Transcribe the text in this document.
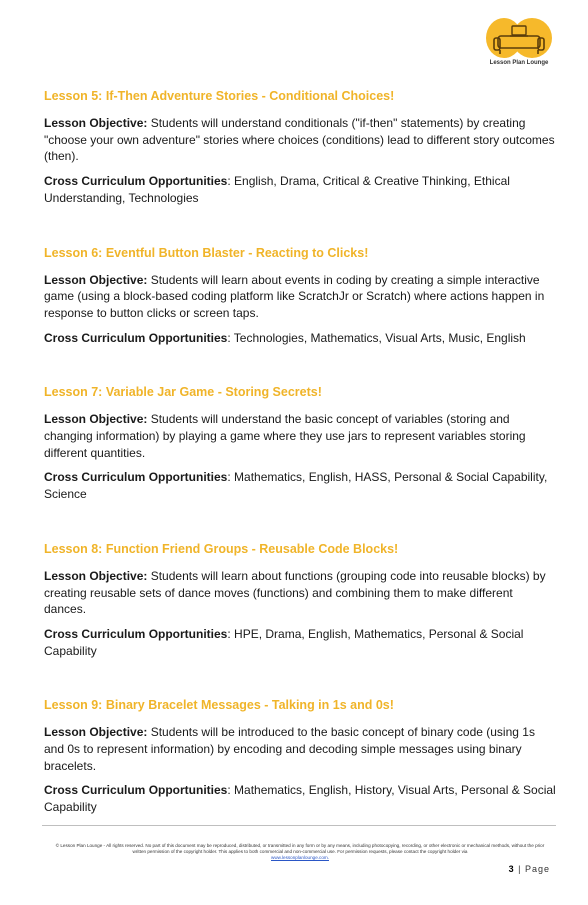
Lesson Plan Lounge
Lesson 5: If-Then Adventure Stories - Conditional Choices!

Lesson Objective: Students will understand conditionals ("if-then" statements) by creating "choose your own adventure" stories where choices (conditions) lead to different story outcomes (then).

Cross Curriculum Opportunities: English, Drama, Critical & Creative Thinking, Ethical Understanding, Technologies

Lesson 6: Eventful Button Blaster - Reacting to Clicks!

Lesson Objective: Students will learn about events in coding by creating a simple interactive game (using a block-based coding platform like ScratchJr or Scratch) where actions happen in response to button clicks or screen taps.

Cross Curriculum Opportunities: Technologies, Mathematics, Visual Arts, Music, English

Lesson 7: Variable Jar Game - Storing Secrets!

Lesson Objective: Students will understand the basic concept of variables (storing and changing information) by playing a game where they use jars to represent variables storing different quantities.

Cross Curriculum Opportunities: Mathematics, English, HASS, Personal & Social Capability, Science

Lesson 8: Function Friend Groups - Reusable Code Blocks!

Lesson Objective: Students will learn about functions (grouping code into reusable blocks) by creating reusable sets of dance moves (functions) and combining them to make different dances.

Cross Curriculum Opportunities: HPE, Drama, English, Mathematics, Personal & Social Capability

Lesson 9: Binary Bracelet Messages - Talking in 1s and 0s!

Lesson Objective: Students will be introduced to the basic concept of binary code (using 1s and 0s to represent information) by encoding and decoding simple messages using binary bracelets.

Cross Curriculum Opportunities: Mathematics, English, History, Visual Arts, Personal & Social Capability

© Lesson Plan Lounge - All rights reserved. No part of this document may be reproduced, distributed, or transmitted in any form or by any means, including photocopying, recording, or other electronic or mechanical methods, without the prior written permission of the copyright holder. This applies to both commercial and non-commercial use. For permission requests, please contact the copyright holder via
www.lessonplanlounge.com.
3 | Page
